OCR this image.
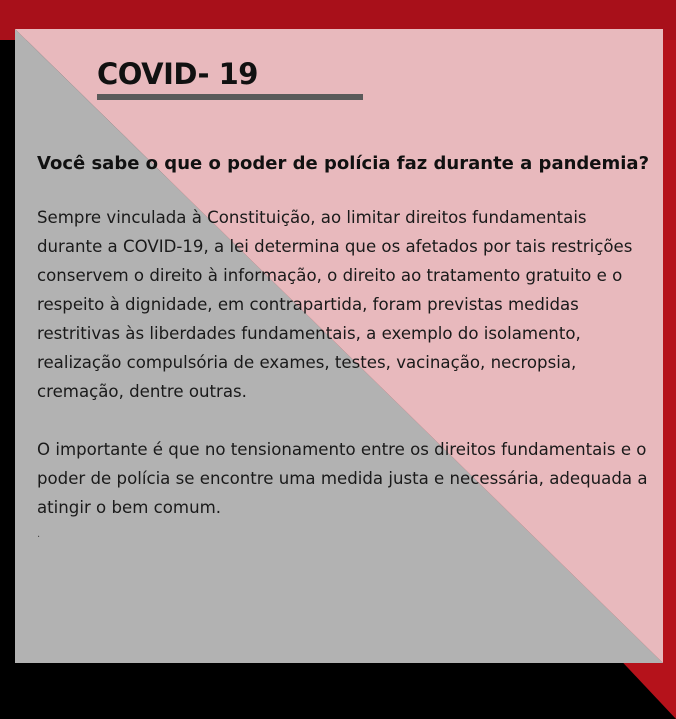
COVID- 19

Você sabe o que o poder de polícia faz durante a pandemia?

Sempre vinculada à Constituição, ao limitar direitos fundamentais durante a COVID-19, a lei determina que os afetados por tais restrições conservem o direito à informação, o direito ao tratamento gratuito e o respeito à dignidade, em contrapartida, foram previstas medidas restritivas às liberdades fundamentais, a exemplo do isolamento, realização compulsória de exames, testes, vacinação, necropsia, cremação, dentre outras.

O importante é que no tensionamento entre os direitos fundamentais e o poder de polícia se encontre uma medida justa e necessária, adequada a atingir o bem comum.

.
